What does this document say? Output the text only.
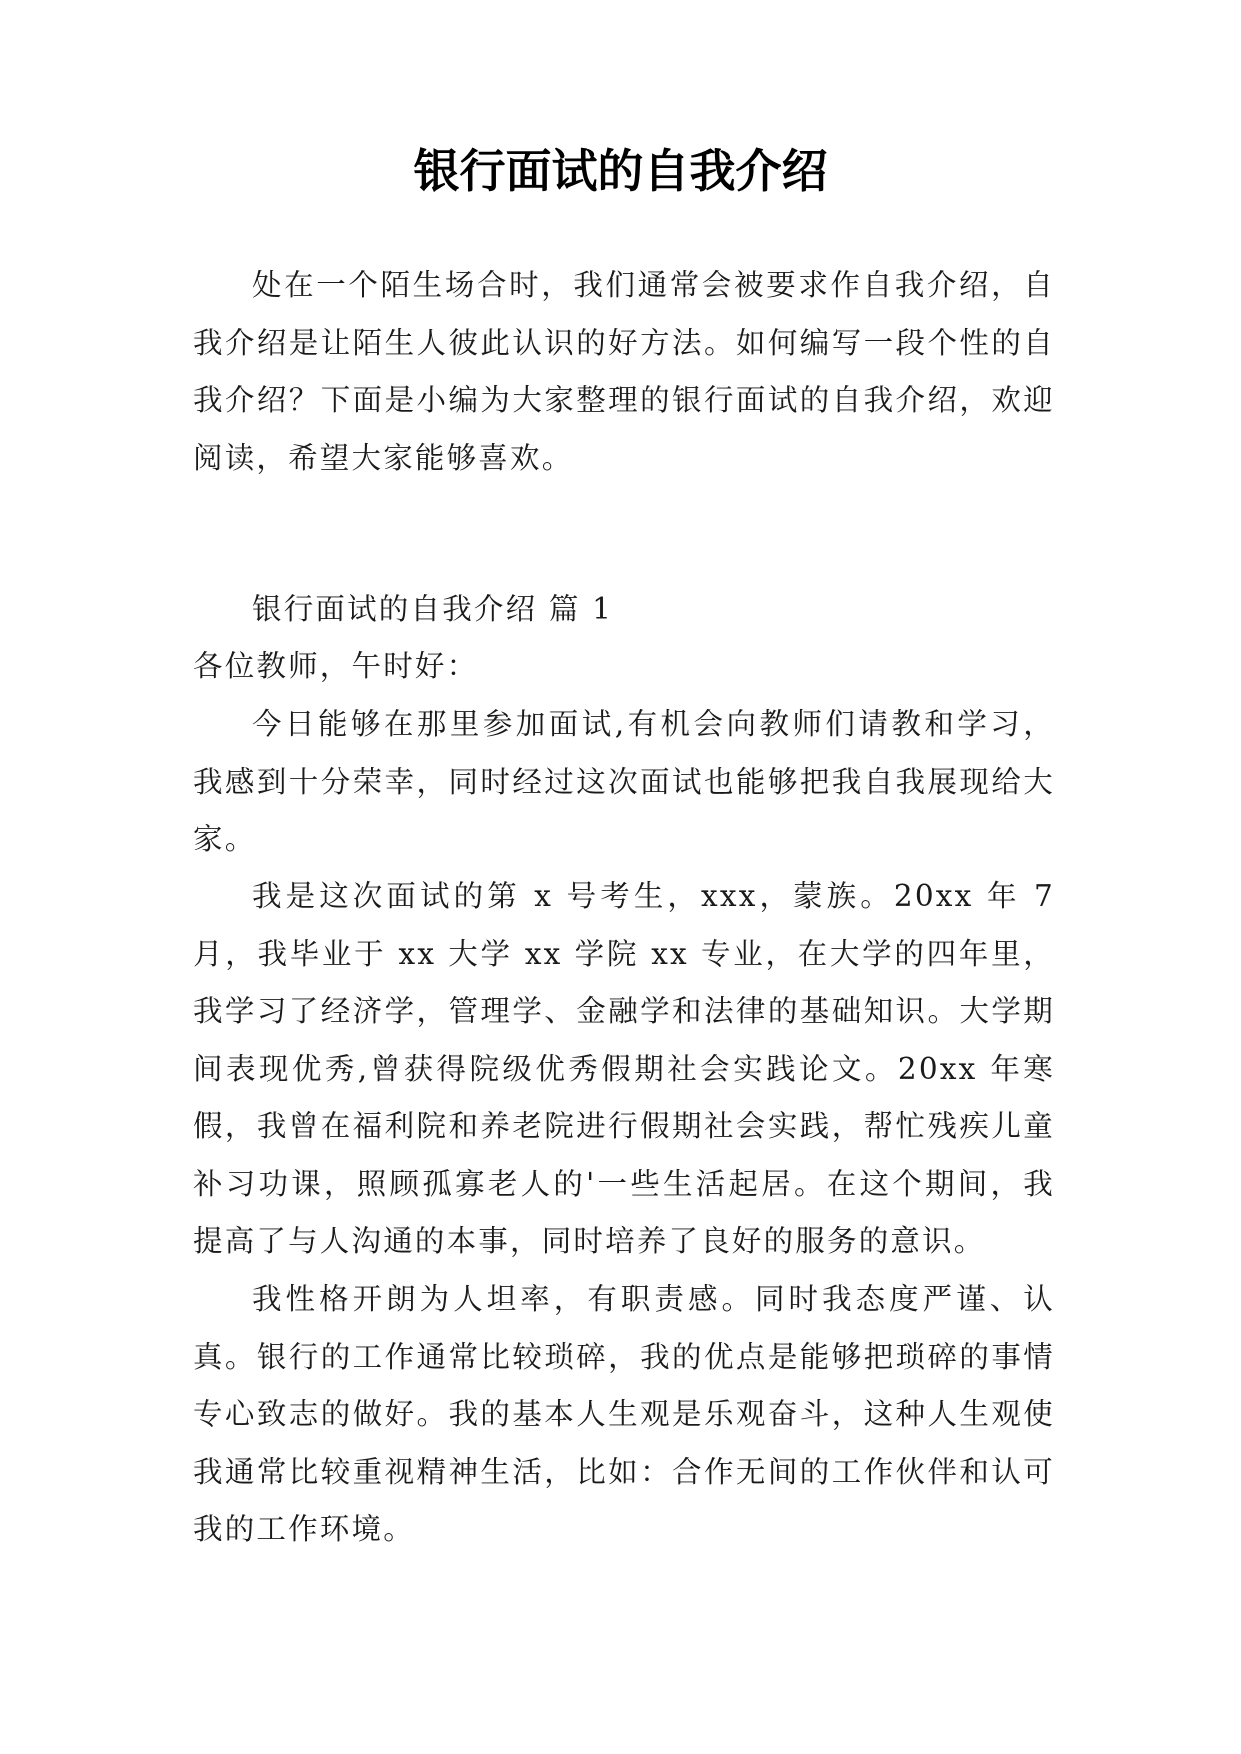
银行面试的自我介绍

处在一个陌生场合时，我们通常会被要求作自我介绍，自我介绍是让陌生人彼此认识的好方法。如何编写一段个性的自我介绍？下面是小编为大家整理的银行面试的自我介绍，欢迎阅读，希望大家能够喜欢。

银行面试的自我介绍 篇 1

各位教师，午时好：

今日能够在那里参加面试,有机会向教师们请教和学习，我感到十分荣幸，同时经过这次面试也能够把我自我展现给大家。

我是这次面试的第 x 号考生，xxx，蒙族。20xx 年 7 月，我毕业于 xx 大学 xx 学院 xx 专业，在大学的四年里，我学习了经济学，管理学、金融学和法律的基础知识。大学期间表现优秀,曾获得院级优秀假期社会实践论文。20xx 年寒假，我曾在福利院和养老院进行假期社会实践，帮忙残疾儿童补习功课，照顾孤寡老人的'一些生活起居。在这个期间，我提高了与人沟通的本事，同时培养了良好的服务的意识。

我性格开朗为人坦率，有职责感。同时我态度严谨、认真。银行的工作通常比较琐碎，我的优点是能够把琐碎的事情专心致志的做好。我的基本人生观是乐观奋斗，这种人生观使我通常比较重视精神生活，比如：合作无间的工作伙伴和认可我的工作环境。
